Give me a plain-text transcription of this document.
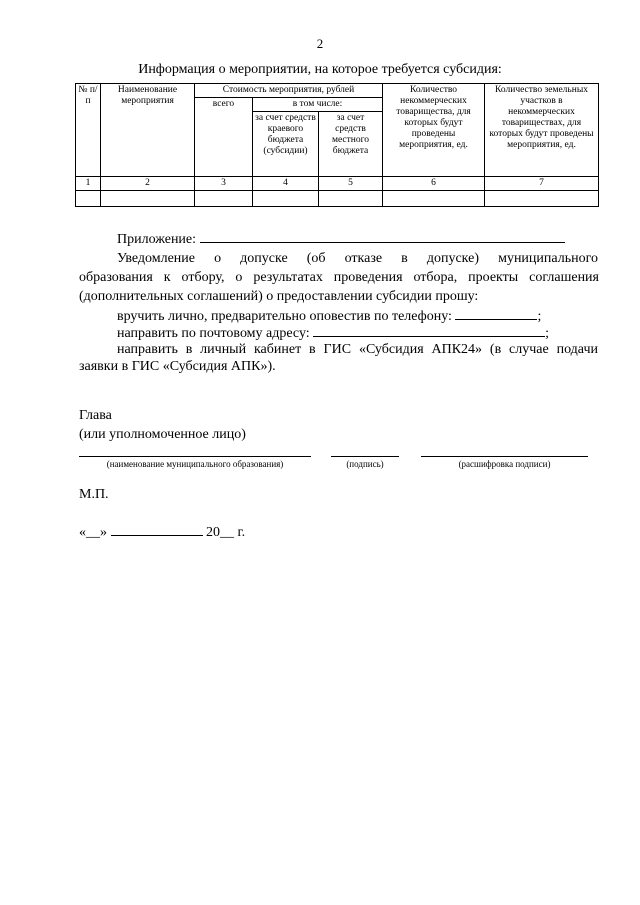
2
Информация о мероприятии, на которое требуется субсидия:
№ п/п	Наименование мероприятия	Стоимость мероприятия, рублей			Количество некоммерческих товарищества, для которых будут проведены мероприятия, ед.	Количество земельных участков в некоммерческих товариществах, для которых будут проведены мероприятия, ед.
		всего	в том числе:			
			за счет средств краевого бюджета (субсидии)	за счет средств местного бюджета		
1	2	3	4	5	6	7

Приложение:
Уведомление о допуске (об отказе в допуске) муниципального
образования к отбору, о результатах проведения отбора, проекты соглашения
(дополнительных соглашений) о предоставлении субсидии прошу:
вручить лично, предварительно оповестив по телефону:	;
направить по почтовому адресу:	;
направить в личный кабинет в ГИС «Субсидия АПК24» (в случае подачи
заявки в ГИС «Субсидия АПК»).
Глава
(или уполномоченное лицо)
(наименование муниципального образования)	(подпись)	(расшифровка подписи)
М.П.
«__»	20__ г.
